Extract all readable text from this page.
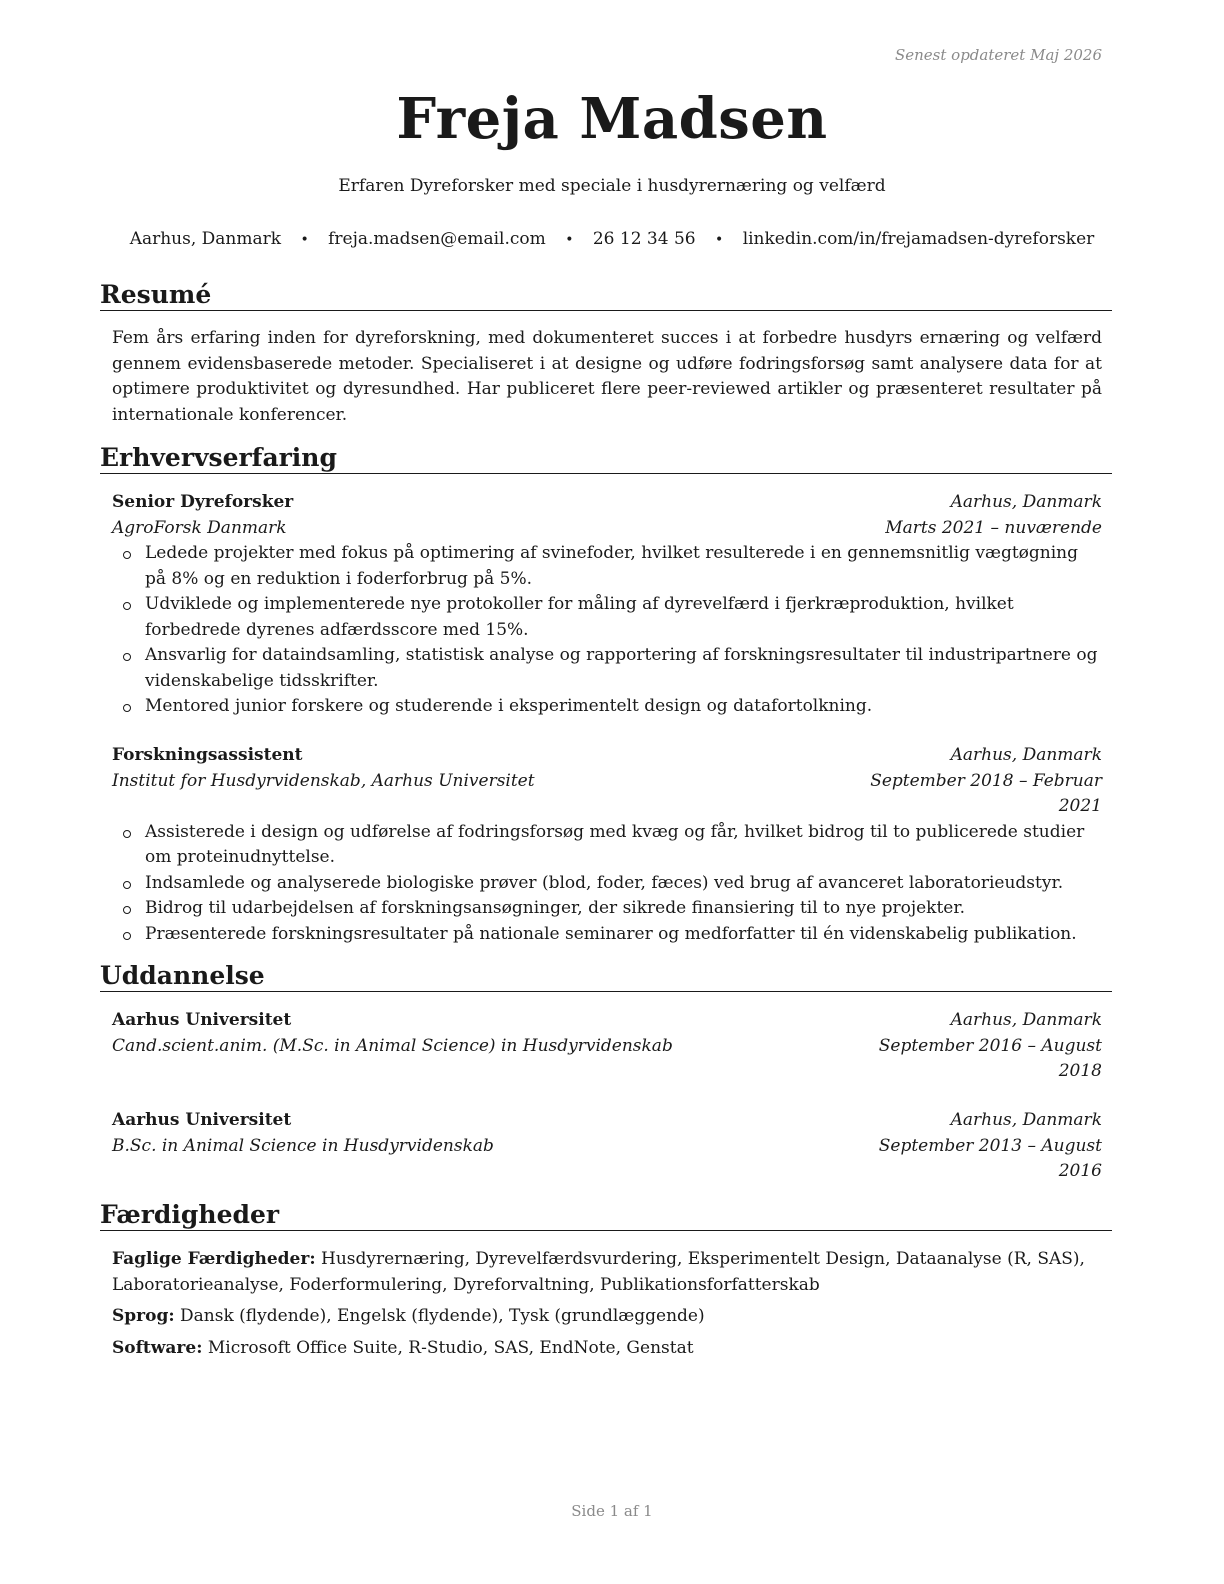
Senest opdateret Maj 2026
Freja Madsen
Erfaren Dyreforsker med speciale i husdyrernæring og velfærd
Aarhus, Danmark • freja.madsen@email.com • 26 12 34 56 • linkedin.com/in/frejamadsen-dyreforsker
Resumé

Fem års erfaring inden for dyreforskning, med dokumenteret succes i at forbedre husdyrs ernæring og velfærd gennem evidensbaserede metoder. Specialiseret i at designe og udføre fodringsforsøg samt analysere data for at optimere produktivitet og dyresundhed. Har publiceret flere peer-reviewed artikler og præsenteret resultater på internationale konferencer.

Erhvervserfaring
Senior Dyreforsker	Aarhus, Danmark
AgroForsk Danmark	Marts 2021 – nuværende
Ledede projekter med fokus på optimering af svinefoder, hvilket resulterede i en gennemsnitlig vægtøgning på 8% og en reduktion i foderforbrug på 5%.
Udviklede og implementerede nye protokoller for måling af dyrevelfærd i fjerkræproduktion, hvilket forbedrede dyrenes adfærdsscore med 15%.
Ansvarlig for dataindsamling, statistisk analyse og rapportering af forskningsresultater til industripartnere og videnskabelige tidsskrifter.
Mentored junior forskere og studerende i eksperimentelt design og datafortolkning.
Forskningsassistent	Aarhus, Danmark
Institut for Husdyrvidenskab, Aarhus Universitet	September 2018 – Februar
2021
Assisterede i design og udførelse af fodringsforsøg med kvæg og får, hvilket bidrog til to publicerede studier om proteinudnyttelse.
Indsamlede og analyserede biologiske prøver (blod, foder, fæces) ved brug af avanceret laboratorieudstyr.
Bidrog til udarbejdelsen af forskningsansøgninger, der sikrede finansiering til to nye projekter.
Præsenterede forskningsresultater på nationale seminarer og medforfatter til én videnskabelig publikation.
Uddannelse
Aarhus Universitet	Aarhus, Danmark
Cand.scient.anim. (M.Sc. in Animal Science) in Husdyrvidenskab	September 2016 – August
2018
Aarhus Universitet	Aarhus, Danmark
B.Sc. in Animal Science in Husdyrvidenskab	September 2013 – August
2016
Færdigheder

Faglige Færdigheder: Husdyrernæring, Dyrevelfærdsvurdering, Eksperimentelt Design, Dataanalyse (R, SAS), Laboratorieanalyse, Foderformulering, Dyreforvaltning, Publikationsforfatterskab

Sprog: Dansk (flydende), Engelsk (flydende), Tysk (grundlæggende)

Software: Microsoft Office Suite, R-Studio, SAS, EndNote, Genstat

Side 1 af 1
